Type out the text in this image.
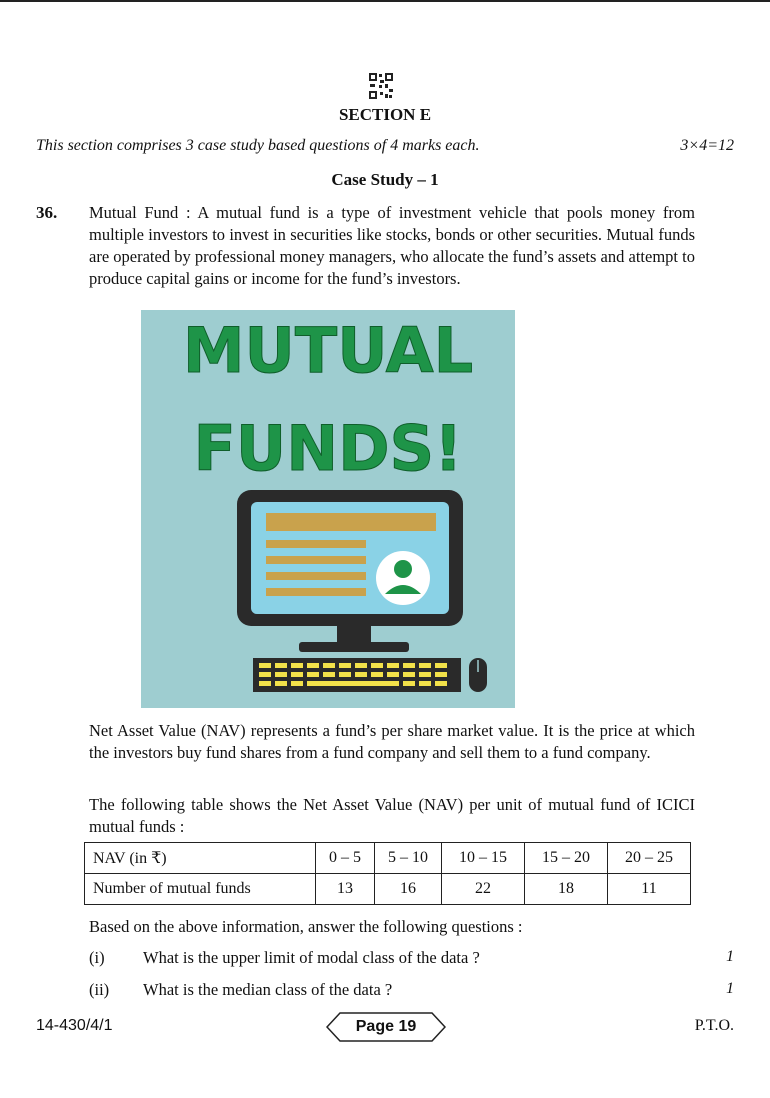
SECTION E
This section comprises 3 case study based questions of 4 marks each.	3×4=12
Case Study – 1
36. Mutual Fund : A mutual fund is a type of investment vehicle that pools money from multiple investors to invest in securities like stocks, bonds or other securities. Mutual funds are operated by professional money managers, who allocate the fund’s assets and attempt to produce capital gains or income for the fund’s investors.
MUTUAL
FUNDS!
Net Asset Value (NAV) represents a fund’s per share market value. It is the price at which the investors buy fund shares from a fund company and sell them to a fund company.
The following table shows the Net Asset Value (NAV) per unit of mutual fund of ICICI mutual funds :
NAV (in ₹)	0 – 5	5 – 10	10 – 15	15 – 20	20 – 25
Number of mutual funds	13	16	22	18	11
Based on the above information, answer the following questions :
(i) What is the upper limit of modal class of the data ?	1
(ii) What is the median class of the data ?	1
14-430/4/1	Page 19	P.T.O.
